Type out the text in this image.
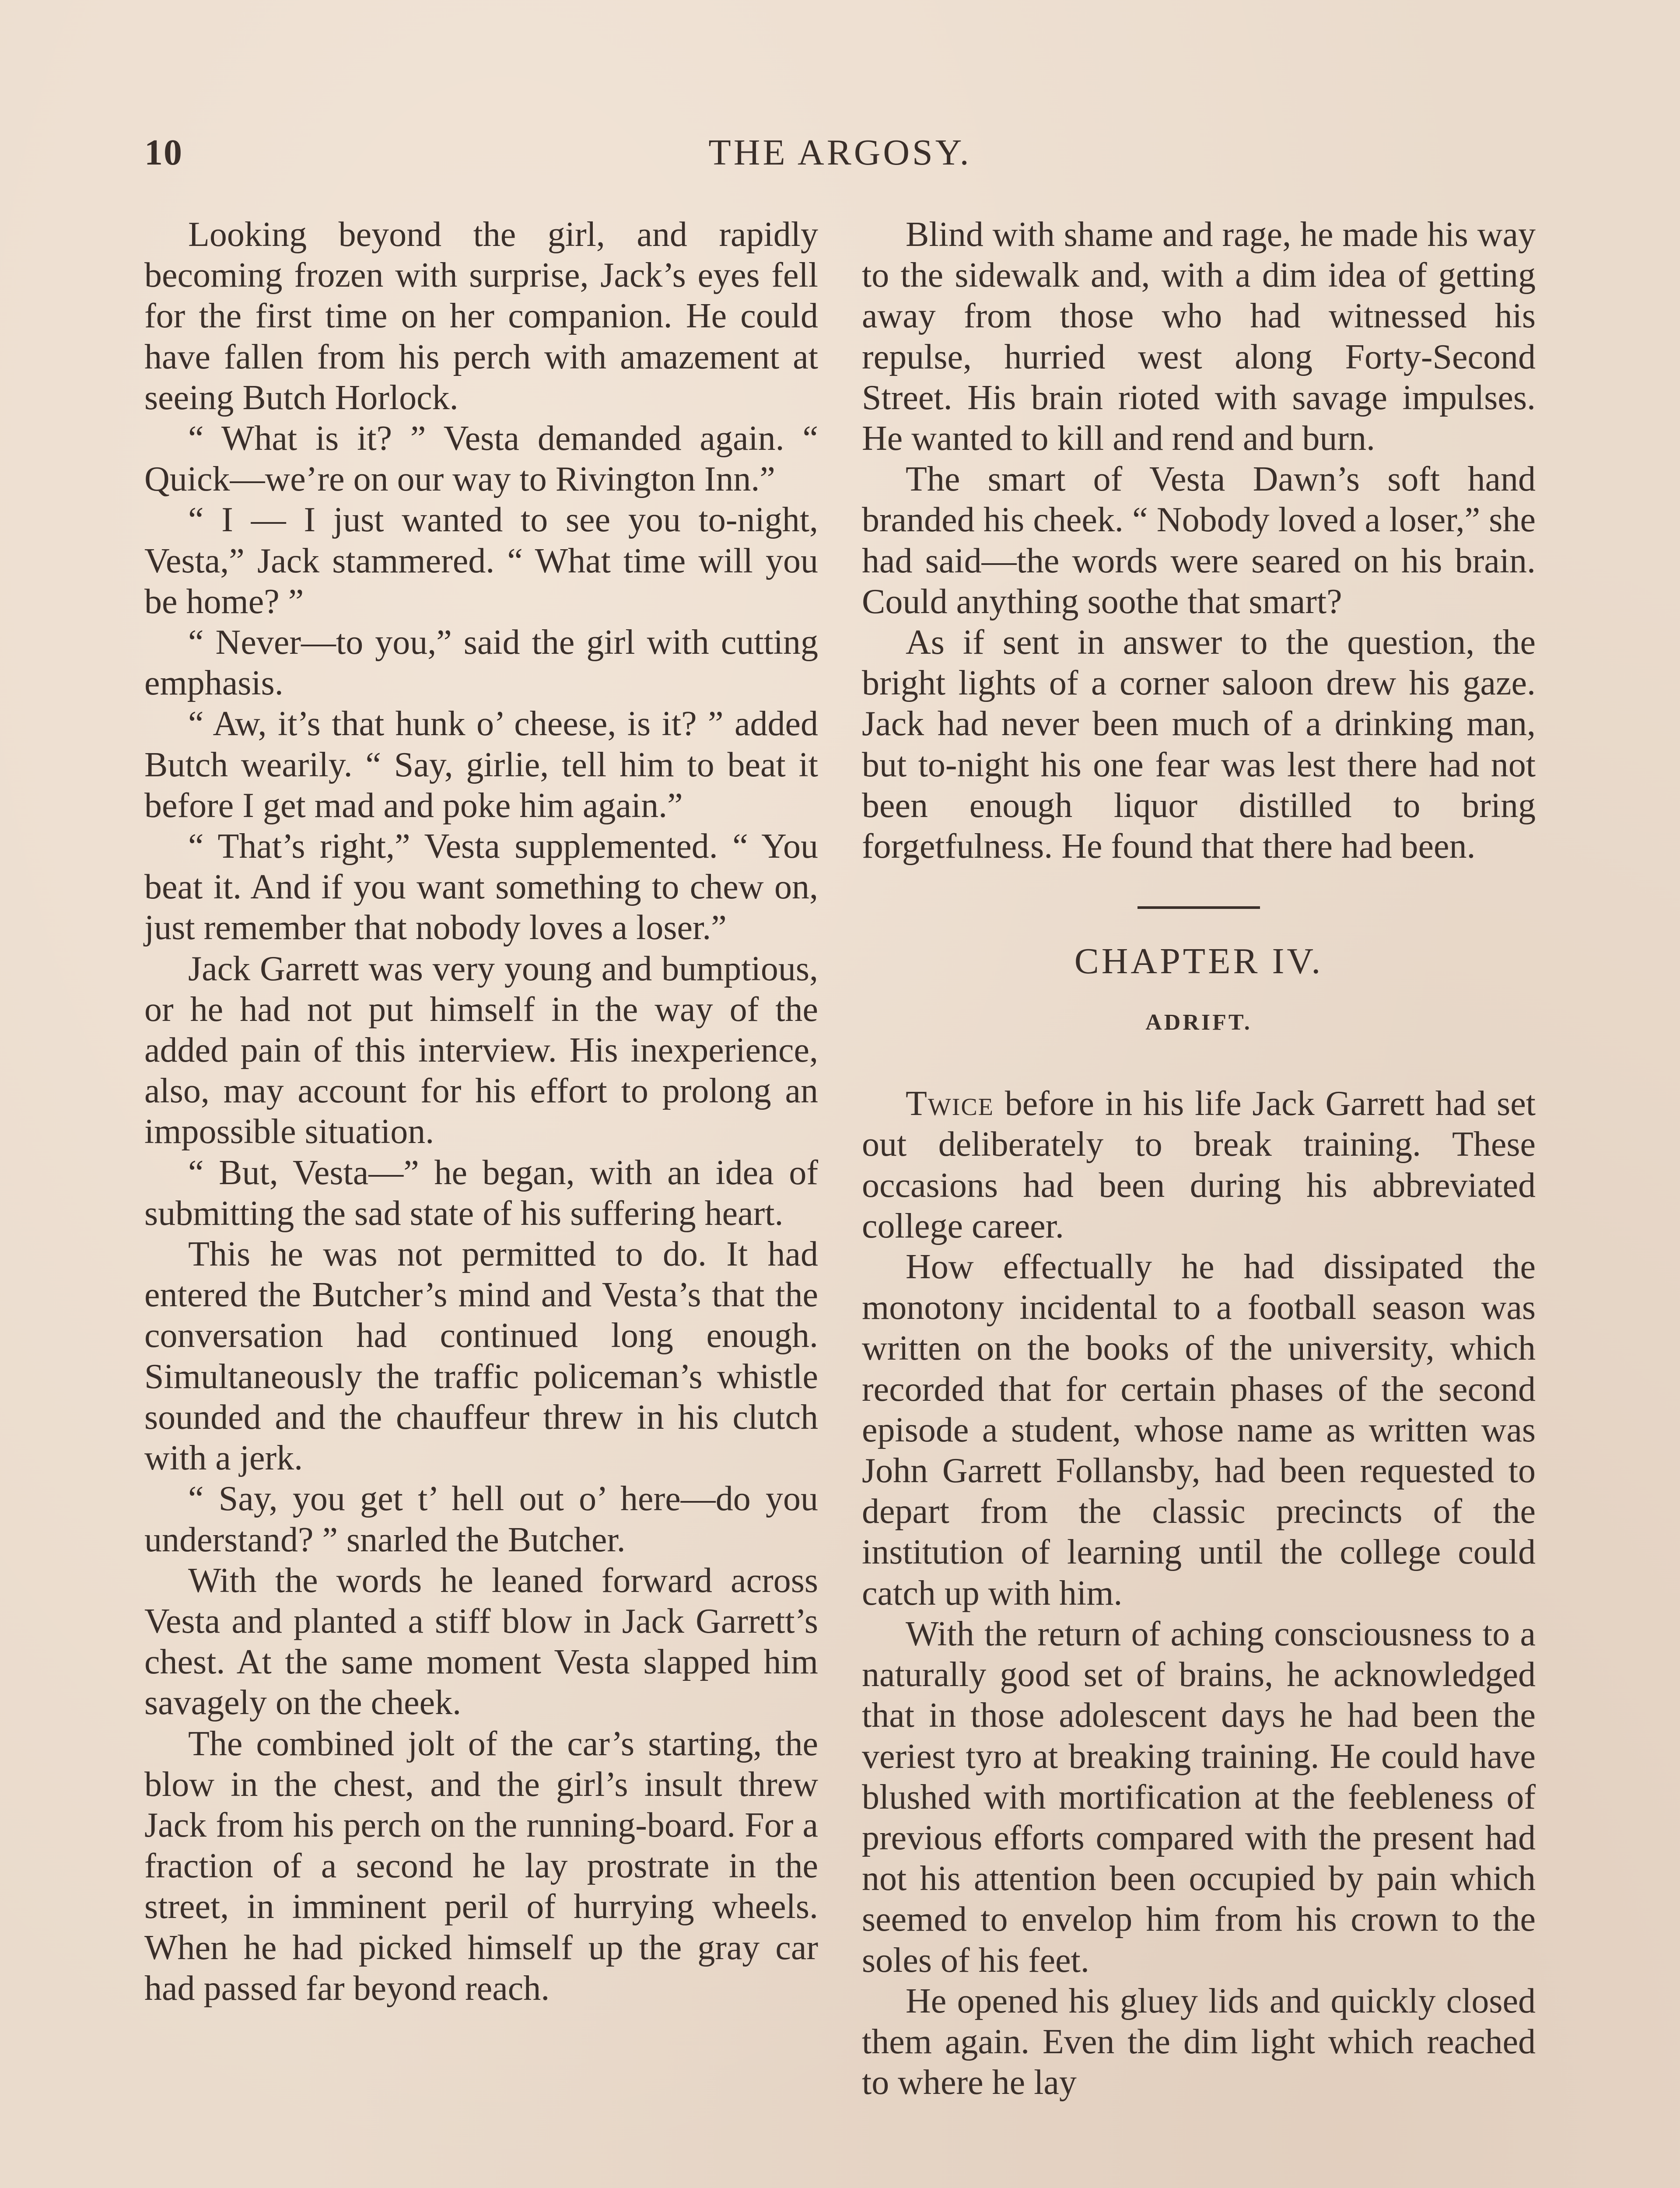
10	THE ARGOSY.

Looking beyond the girl, and rapidly becoming frozen with surprise, Jack’s eyes fell for the first time on her companion. He could have fallen from his perch with amazement at seeing Butch Horlock.

“ What is it? ” Vesta demanded again. “ Quick—we’re on our way to Rivington Inn.”

“ I — I just wanted to see you to-night, Vesta,” Jack stammered. “ What time will you be home? ”

“ Never—to you,” said the girl with cutting emphasis.

“ Aw, it’s that hunk o’ cheese, is it? ” added Butch wearily. “ Say, girlie, tell him to beat it before I get mad and poke him again.”

“ That’s right,” Vesta supplemented. “ You beat it. And if you want something to chew on, just remember that nobody loves a loser.”

Jack Garrett was very young and bumptious, or he had not put himself in the way of the added pain of this interview. His inexperience, also, may account for his effort to prolong an impossible situation.

“ But, Vesta—” he began, with an idea of submitting the sad state of his suffering heart.

This he was not permitted to do. It had entered the Butcher’s mind and Vesta’s that the conversation had continued long enough. Simultaneously the traffic policeman’s whistle sounded and the chauffeur threw in his clutch with a jerk.

“ Say, you get t’ hell out o’ here—do you understand? ” snarled the Butcher.

With the words he leaned forward across Vesta and planted a stiff blow in Jack Garrett’s chest. At the same moment Vesta slapped him savagely on the cheek.

The combined jolt of the car’s starting, the blow in the chest, and the girl’s insult threw Jack from his perch on the running-board. For a fraction of a second he lay prostrate in the street, in imminent peril of hurrying wheels. When he had picked himself up the gray car had passed far beyond reach.

Blind with shame and rage, he made his way to the sidewalk and, with a dim idea of getting away from those who had witnessed his repulse, hurried west along Forty-Second Street. His brain rioted with savage impulses. He wanted to kill and rend and burn.

The smart of Vesta Dawn’s soft hand branded his cheek. “ Nobody loved a loser,” she had said—the words were seared on his brain. Could anything soothe that smart?

As if sent in answer to the question, the bright lights of a corner saloon drew his gaze. Jack had never been much of a drinking man, but to-night his one fear was lest there had not been enough liquor distilled to bring forgetfulness. He found that there had been.

CHAPTER IV.

ADRIFT.

Twice before in his life Jack Garrett had set out deliberately to break training. These occasions had been during his abbreviated college career.

How effectually he had dissipated the monotony incidental to a football season was written on the books of the university, which recorded that for certain phases of the second episode a student, whose name as written was John Garrett Follansby, had been requested to depart from the classic precincts of the institution of learning until the college could catch up with him.

With the return of aching consciousness to a naturally good set of brains, he acknowledged that in those adolescent days he had been the veriest tyro at breaking training. He could have blushed with mortification at the feebleness of previous efforts compared with the present had not his attention been occupied by pain which seemed to envelop him from his crown to the soles of his feet.

He opened his gluey lids and quickly closed them again. Even the dim light which reached to where he lay
